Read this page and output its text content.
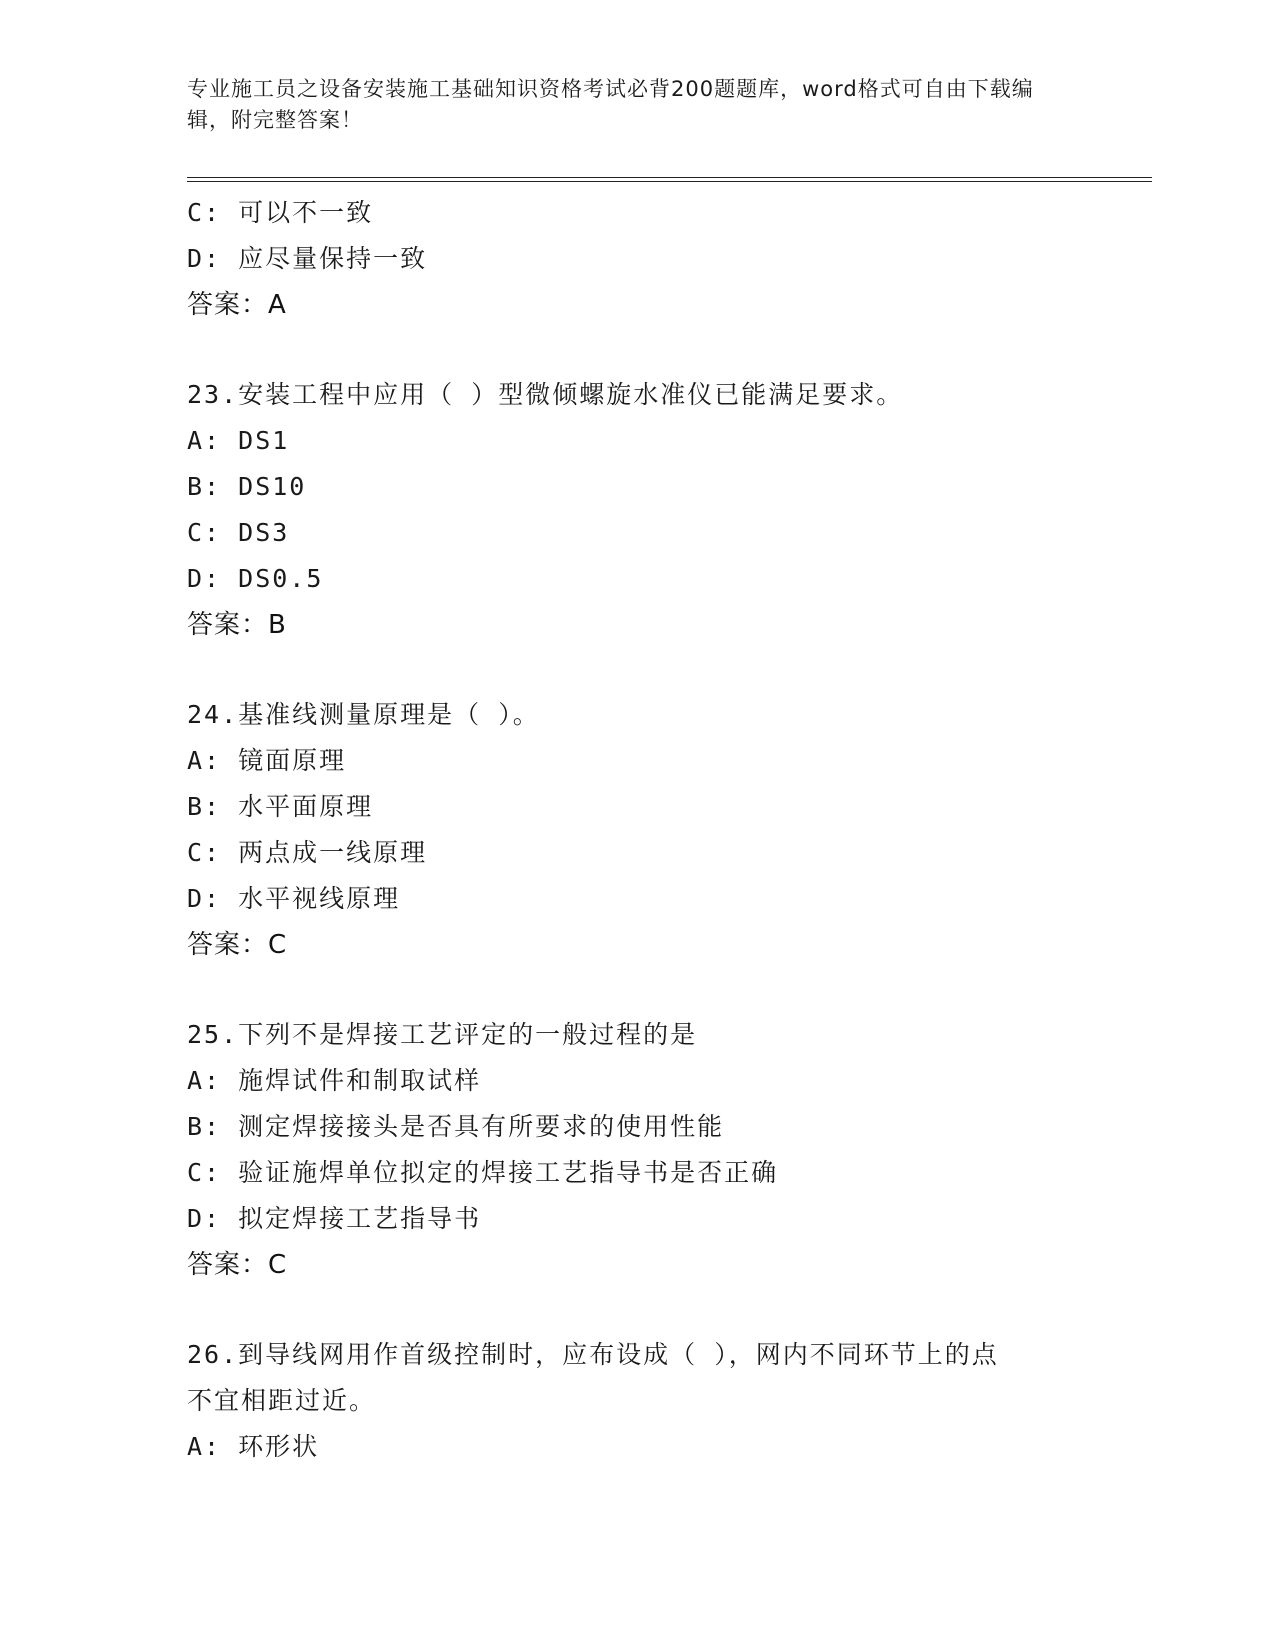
专业施工员之设备安装施工基础知识资格考试必背200题题库，word格式可自由下载编辑，附完整答案！
C: 可以不一致
D: 应尽量保持一致
答案：A
23.安装工程中应用（ ）型微倾螺旋水准仪已能满足要求。
A: DS1
B: DS10
C: DS3
D: DS0.5
答案：B
24.基准线测量原理是（ ）。
A: 镜面原理
B: 水平面原理
C: 两点成一线原理
D: 水平视线原理
答案：C
25.下列不是焊接工艺评定的一般过程的是
A: 施焊试件和制取试样
B: 测定焊接接头是否具有所要求的使用性能
C: 验证施焊单位拟定的焊接工艺指导书是否正确
D: 拟定焊接工艺指导书
答案：C
26.到导线网用作首级控制时，应布设成（ ），网内不同环节上的点
不宜相距过近。
A: 环形状
